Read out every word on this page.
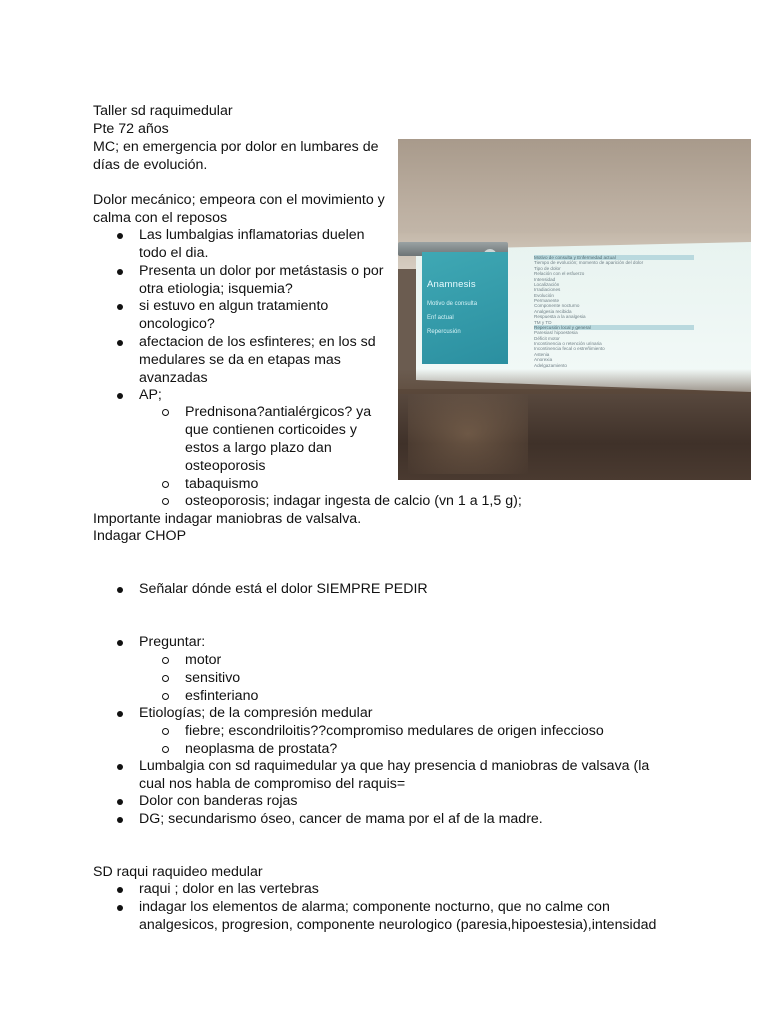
Taller sd raquimedular
Pte 72 años
MC; en emergencia por dolor en lumbares de
días de evolución.
Dolor mecánico; empeora con el movimiento y
calma con el reposos
Las lumbalgias inflamatorias duelen
todo el dia.
Presenta un dolor por metástasis o por
otra etiologia; isquemia?
si estuvo en algun tratamiento
oncologico?
afectacion de los esfinteres; en los sd
medulares se da en etapas mas
avanzadas
AP;
Prednisona?antialérgicos? ya
que contienen corticoides y
estos a largo plazo dan
osteoporosis
tabaquismo
osteoporosis; indagar ingesta de calcio (vn 1 a 1,5 g);
Importante indagar maniobras de valsalva.
Indagar CHOP
Señalar dónde está el dolor SIEMPRE PEDIR
Preguntar:
motor
sensitivo
esfinteriano
Etiologías; de la compresión medular
fiebre; escondriloitis??compromiso medulares de origen infeccioso
neoplasma de prostata?
Lumbalgia con sd raquimedular ya que hay presencia d maniobras de valsava (la
cual nos habla de compromiso del raquis=
Dolor con banderas rojas
DG; secundarismo óseo, cancer de mama por el af de la madre.
SD raqui raquideo medular
raqui ; dolor en las vertebras
indagar los elementos de alarma; componente nocturno, que no calme con
analgesicos, progresion, componente neurologico (paresia,hipoestesia),intensidad
Anamnesis
Motivo de consulta
Enf actual
Repercusión
Motivo de consulta y Enfermedad actual
Tiempo de evolución; momento de aparición del dolor
Tipo de dolor
Relación con el esfuerzo
Intensidad
Localización
Irradiaciones
Evolución
Permanente
Componente nocturno
Analgesia recibida
Respuesta a la analgesia
TM y TD
Repercusión local y general
Paresias/ hipoestesia
Déficit motor
Incontinencia o retención urinaria
Incontinencia fecal o estreñimiento
Astenia
Anorexia
Adelgazamiento
